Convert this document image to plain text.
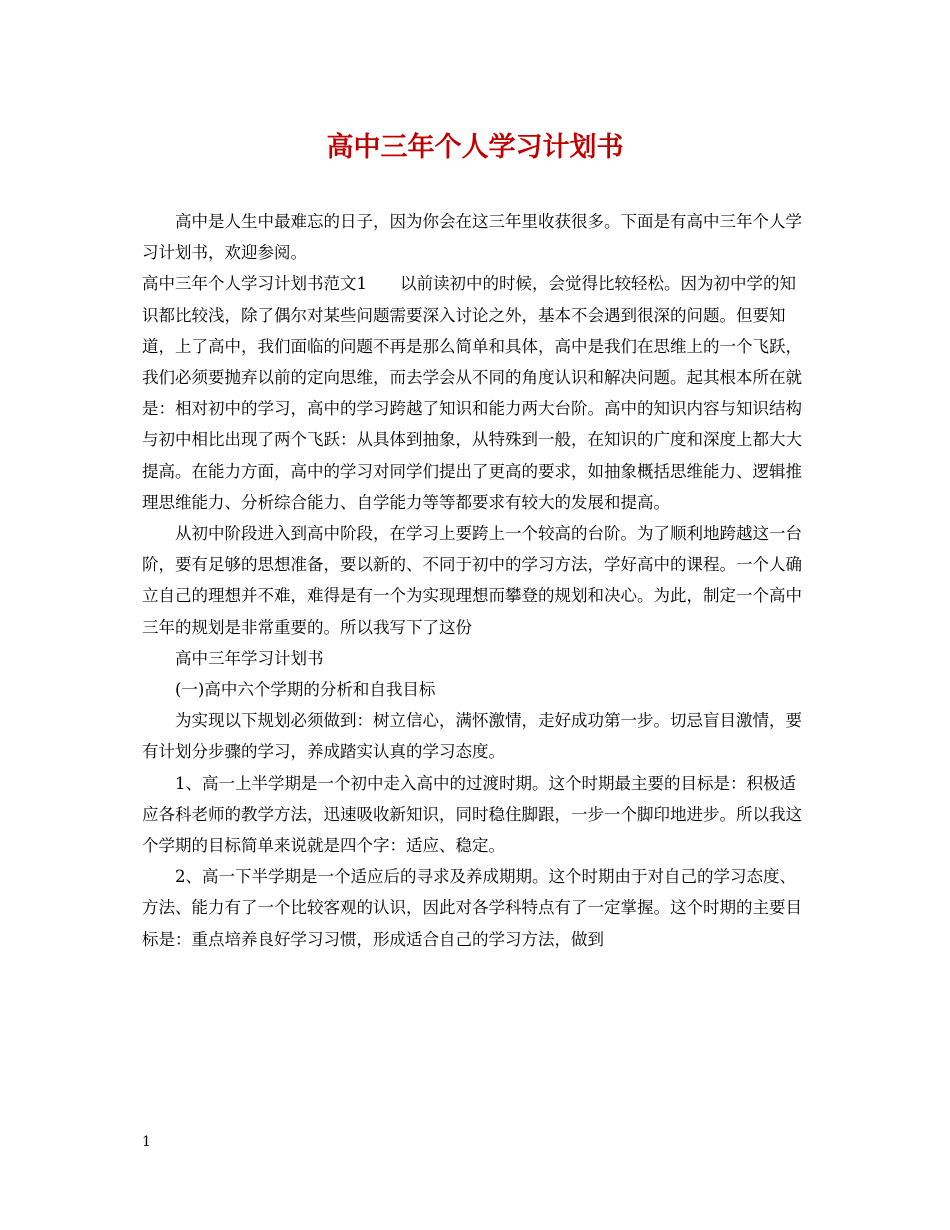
高中三年个人学习计划书

高中是人生中最难忘的日子，因为你会在这三年里收获很多。下面是有高中三年个人学习计划书，欢迎参阅。

高中三年个人学习计划书范文1　　以前读初中的时候，会觉得比较轻松。因为初中学的知识都比较浅，除了偶尔对某些问题需要深入讨论之外，基本不会遇到很深的问题。但要知道，上了高中，我们面临的问题不再是那么简单和具体，高中是我们在思维上的一个飞跃，我们必须要抛弃以前的定向思维，而去学会从不同的角度认识和解决问题。起其根本所在就是：相对初中的学习，高中的学习跨越了知识和能力两大台阶。高中的知识内容与知识结构与初中相比出现了两个飞跃：从具体到抽象，从特殊到一般，在知识的广度和深度上都大大提高。在能力方面，高中的学习对同学们提出了更高的要求，如抽象概括思维能力、逻辑推理思维能力、分析综合能力、自学能力等等都要求有较大的发展和提高。

从初中阶段进入到高中阶段，在学习上要跨上一个较高的台阶。为了顺利地跨越这一台阶，要有足够的思想准备，要以新的、不同于初中的学习方法，学好高中的课程。一个人确立自己的理想并不难，难得是有一个为实现理想而攀登的规划和决心。为此，制定一个高中三年的规划是非常重要的。所以我写下了这份

高中三年学习计划书

(一)高中六个学期的分析和自我目标

为实现以下规划必须做到：树立信心，满怀激情，走好成功第一步。切忌盲目激情，要有计划分步骤的学习，养成踏实认真的学习态度。

1、高一上半学期是一个初中走入高中的过渡时期。这个时期最主要的目标是：积极适应各科老师的教学方法，迅速吸收新知识，同时稳住脚跟，一步一个脚印地进步。所以我这个学期的目标简单来说就是四个字：适应、稳定。

2、高一下半学期是一个适应后的寻求及养成期期。这个时期由于对自己的学习态度、方法、能力有了一个比较客观的认识，因此对各学科特点有了一定掌握。这个时期的主要目标是：重点培养良好学习习惯，形成适合自己的学习方法，做到

1
